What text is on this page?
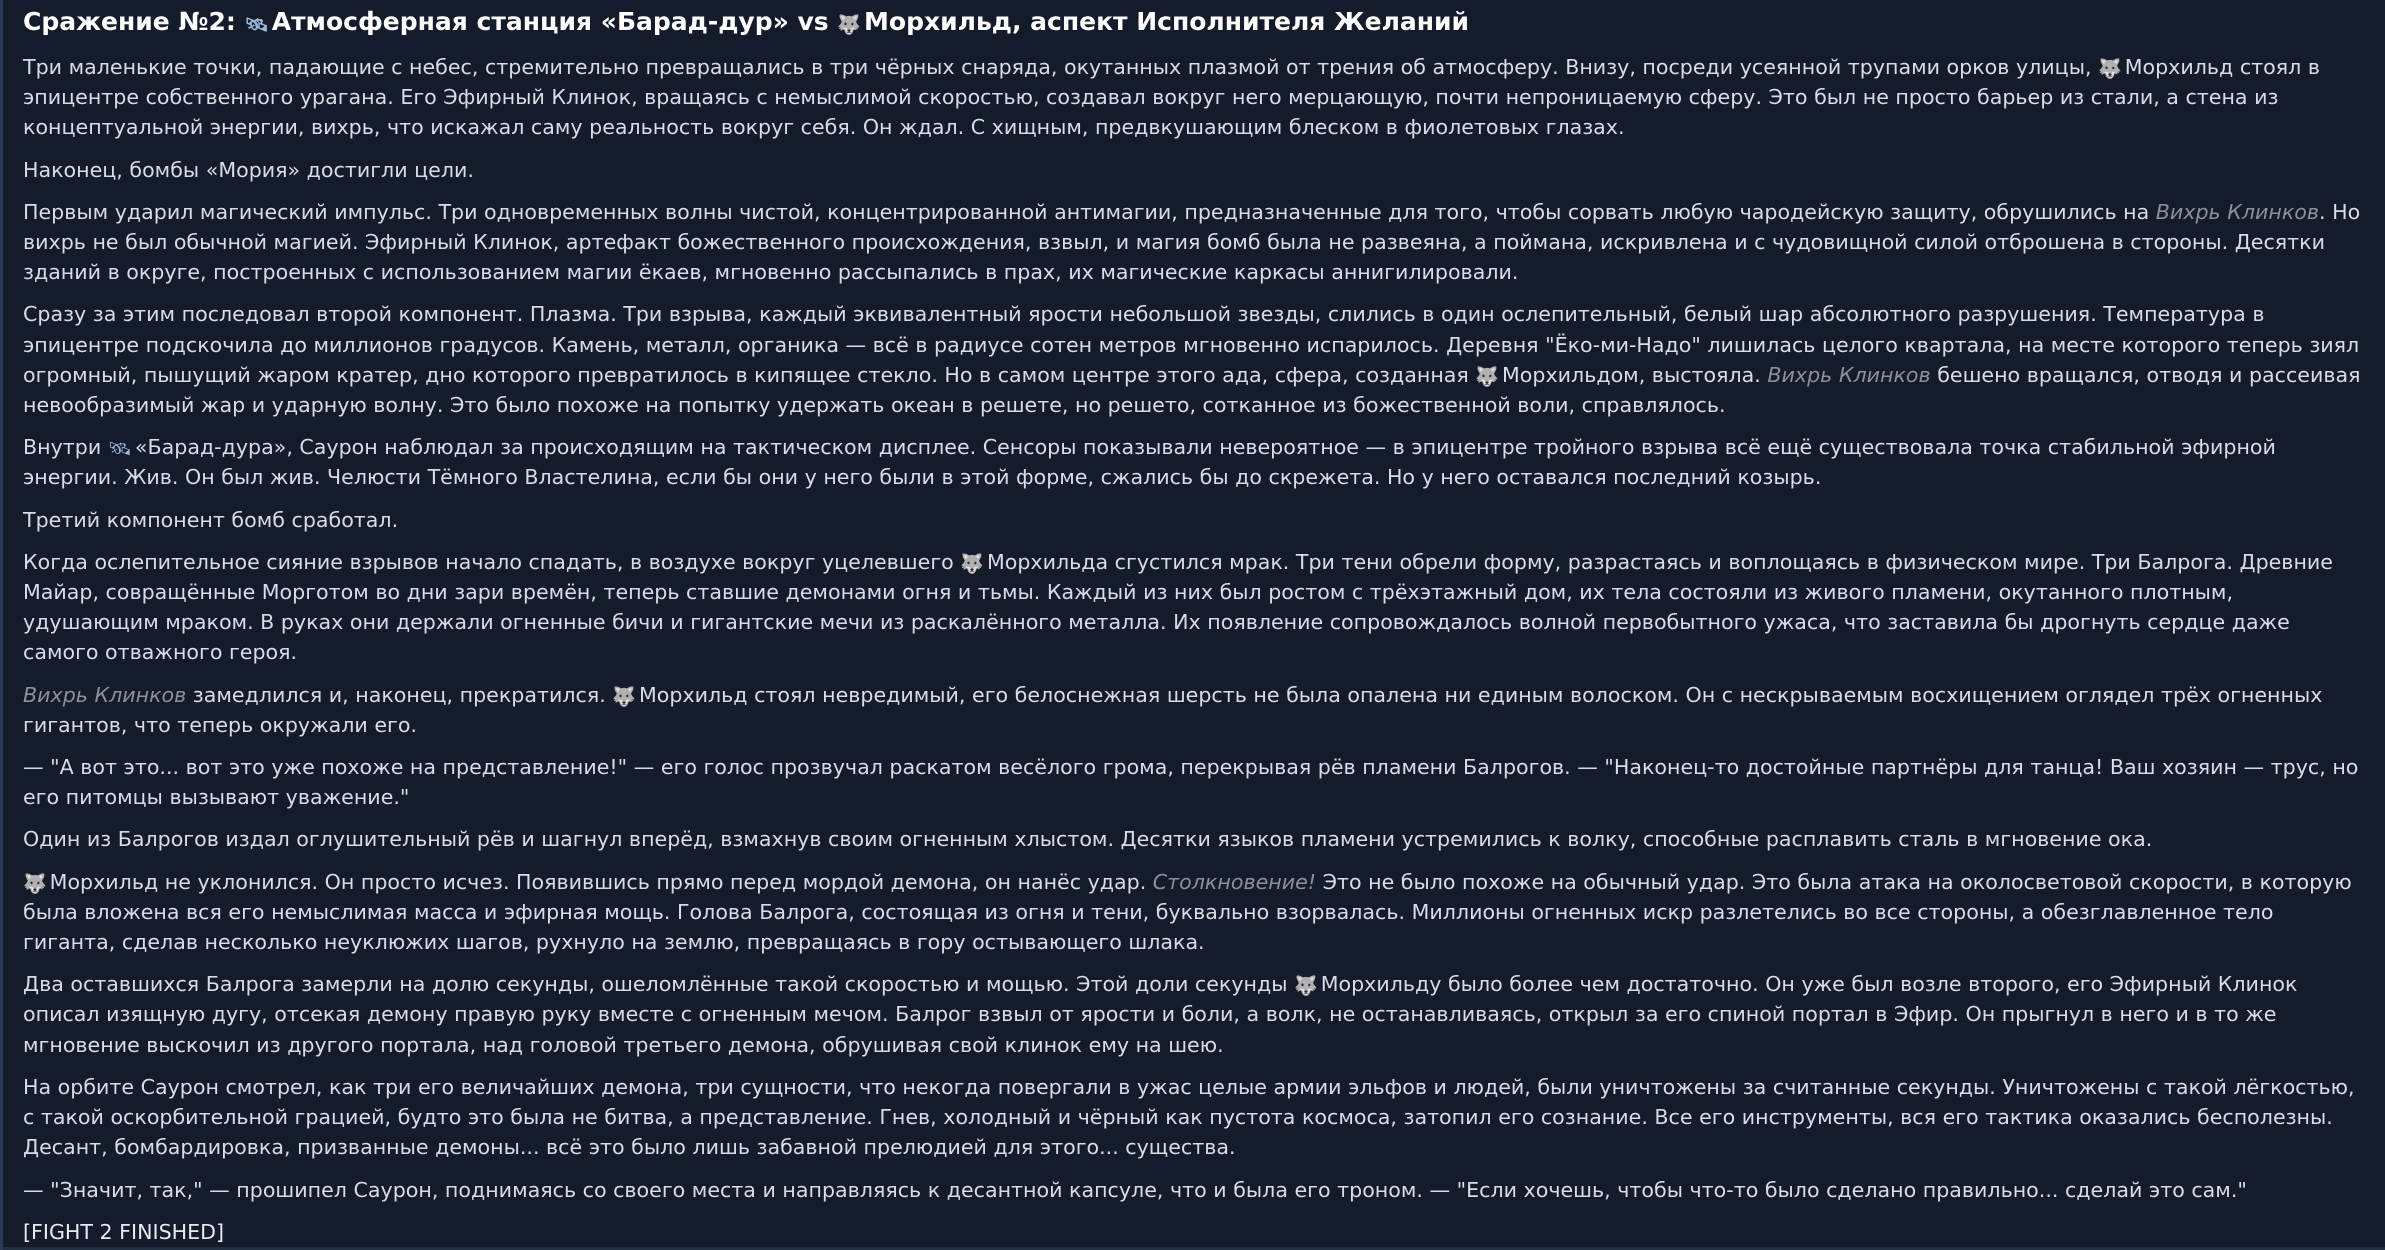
Сражение №2: 🛰 Атмосферная станция «Барад-дур» vs 🐺 Морхильд, аспект Исполнителя Желаний

Три маленькие точки, падающие с небес, стремительно превращались в три чёрных снаряда, окутанных плазмой от трения об атмосферу. Внизу, посреди усеянной трупами орков улицы, 🐺 Морхильд стоял в эпицентре собственного урагана. Его Эфирный Клинок, вращаясь с немыслимой скоростью, создавал вокруг него мерцающую, почти непроницаемую сферу. Это был не просто барьер из стали, а стена из концептуальной энергии, вихрь, что искажал саму реальность вокруг себя. Он ждал. С хищным, предвкушающим блеском в фиолетовых глазах.

Наконец, бомбы «Мория» достигли цели.

Первым ударил магический импульс. Три одновременных волны чистой, концентрированной антимагии, предназначенные для того, чтобы сорвать любую чародейскую защиту, обрушились на Вихрь Клинков. Но вихрь не был обычной магией. Эфирный Клинок, артефакт божественного происхождения, взвыл, и магия бомб была не развеяна, а поймана, искривлена и с чудовищной силой отброшена в стороны. Десятки зданий в округе, построенных с использованием магии ёкаев, мгновенно рассыпались в прах, их магические каркасы аннигилировали.

Сразу за этим последовал второй компонент. Плазма. Три взрыва, каждый эквивалентный ярости небольшой звезды, слились в один ослепительный, белый шар абсолютного разрушения. Температура в эпицентре подскочила до миллионов градусов. Камень, металл, органика — всё в радиусе сотен метров мгновенно испарилось. Деревня "Ёко-ми-Надо" лишилась целого квартала, на месте которого теперь зиял огромный, пышущий жаром кратер, дно которого превратилось в кипящее стекло. Но в самом центре этого ада, сфера, созданная 🐺 Морхильдом, выстояла. Вихрь Клинков бешено вращался, отводя и рассеивая невообразимый жар и ударную волну. Это было похоже на попытку удержать океан в решете, но решето, сотканное из божественной воли, справлялось.

Внутри 🛰 «Барад-дура», Саурон наблюдал за происходящим на тактическом дисплее. Сенсоры показывали невероятное — в эпицентре тройного взрыва всё ещё существовала точка стабильной эфирной энергии. Жив. Он был жив. Челюсти Тёмного Властелина, если бы они у него были в этой форме, сжались бы до скрежета. Но у него оставался последний козырь.

Третий компонент бомб сработал.

Когда ослепительное сияние взрывов начало спадать, в воздухе вокруг уцелевшего 🐺 Морхильда сгустился мрак. Три тени обрели форму, разрастаясь и воплощаясь в физическом мире. Три Балрога. Древние Майар, совращённые Морготом во дни зари времён, теперь ставшие демонами огня и тьмы. Каждый из них был ростом с трёхэтажный дом, их тела состояли из живого пламени, окутанного плотным, удушающим мраком. В руках они держали огненные бичи и гигантские мечи из раскалённого металла. Их появление сопровождалось волной первобытного ужаса, что заставила бы дрогнуть сердце даже самого отважного героя.

Вихрь Клинков замедлился и, наконец, прекратился. 🐺 Морхильд стоял невредимый, его белоснежная шерсть не была опалена ни единым волоском. Он с нескрываемым восхищением оглядел трёх огненных гигантов, что теперь окружали его.

— "А вот это... вот это уже похоже на представление!" — его голос прозвучал раскатом весёлого грома, перекрывая рёв пламени Балрогов. — "Наконец-то достойные партнёры для танца! Ваш хозяин — трус, но его питомцы вызывают уважение."

Один из Балрогов издал оглушительный рёв и шагнул вперёд, взмахнув своим огненным хлыстом. Десятки языков пламени устремились к волку, способные расплавить сталь в мгновение ока.

🐺 Морхильд не уклонился. Он просто исчез. Появившись прямо перед мордой демона, он нанёс удар. Столкновение! Это не было похоже на обычный удар. Это была атака на околосветовой скорости, в которую была вложена вся его немыслимая масса и эфирная мощь. Голова Балрога, состоящая из огня и тени, буквально взорвалась. Миллионы огненных искр разлетелись во все стороны, а обезглавленное тело гиганта, сделав несколько неуклюжих шагов, рухнуло на землю, превращаясь в гору остывающего шлака.

Два оставшихся Балрога замерли на долю секунды, ошеломлённые такой скоростью и мощью. Этой доли секунды 🐺 Морхильду было более чем достаточно. Он уже был возле второго, его Эфирный Клинок описал изящную дугу, отсекая демону правую руку вместе с огненным мечом. Балрог взвыл от ярости и боли, а волк, не останавливаясь, открыл за его спиной портал в Эфир. Он прыгнул в него и в то же мгновение выскочил из другого портала, над головой третьего демона, обрушивая свой клинок ему на шею.

На орбите Саурон смотрел, как три его величайших демона, три сущности, что некогда повергали в ужас целые армии эльфов и людей, были уничтожены за считанные секунды. Уничтожены с такой лёгкостью, с такой оскорбительной грацией, будто это была не битва, а представление. Гнев, холодный и чёрный как пустота космоса, затопил его сознание. Все его инструменты, вся его тактика оказались бесполезны. Десант, бомбардировка, призванные демоны... всё это было лишь забавной прелюдией для этого... существа.

— "Значит, так," — прошипел Саурон, поднимаясь со своего места и направляясь к десантной капсуле, что и была его троном. — "Если хочешь, чтобы что-то было сделано правильно... сделай это сам."

[FIGHT 2 FINISHED]
